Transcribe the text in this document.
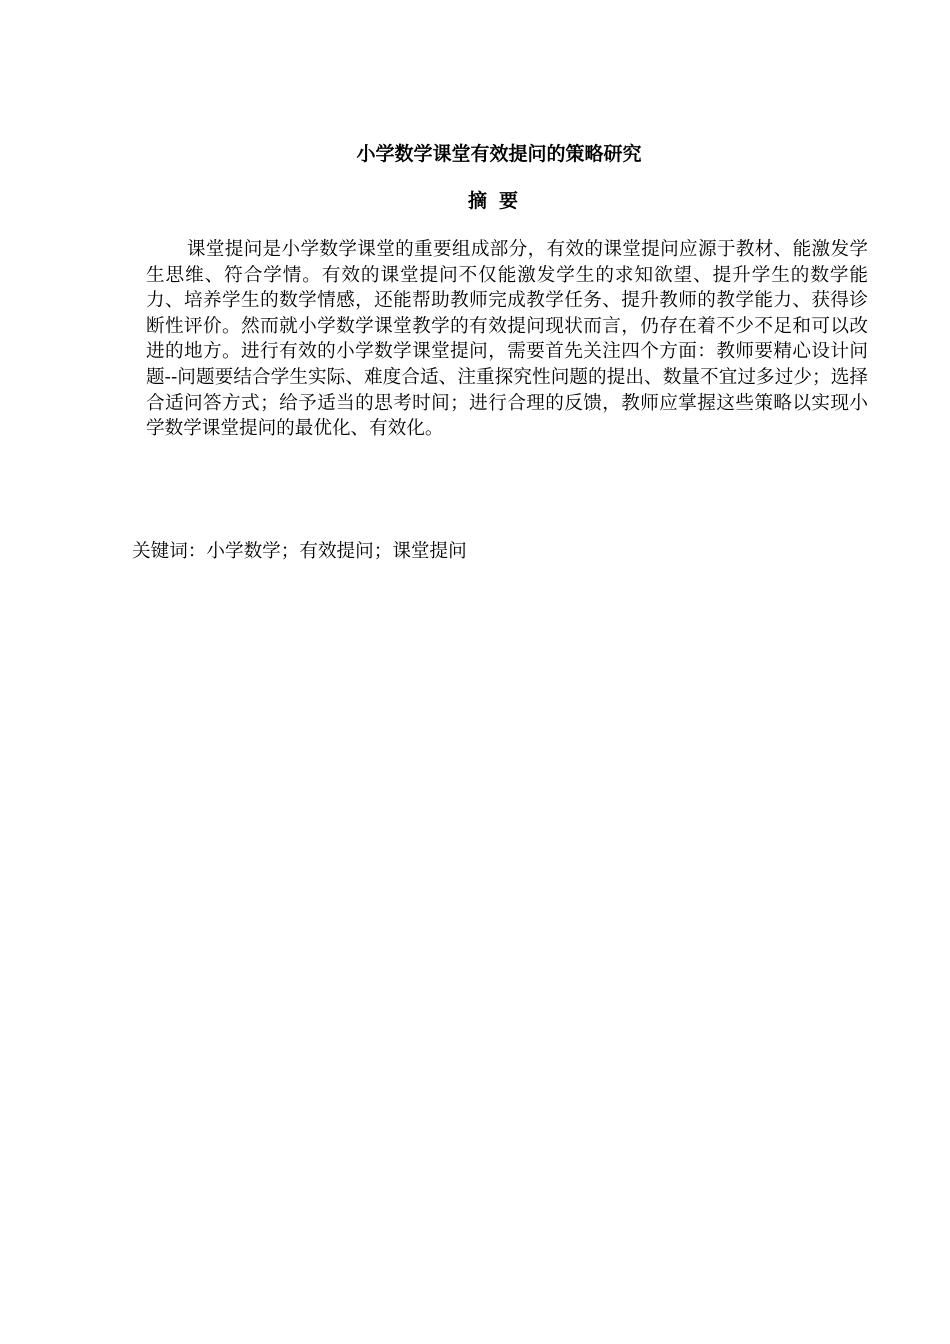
小学数学课堂有效提问的策略研究
摘要

课堂提问是小学数学课堂的重要组成部分，有效的课堂提问应源于教材、能激发学生思维、符合学情。有效的课堂提问不仅能激发学生的求知欲望、提升学生的数学能力、培养学生的数学情感，还能帮助教师完成教学任务、提升教师的教学能力、获得诊断性评价。然而就小学数学课堂教学的有效提问现状而言，仍存在着不少不足和可以改进的地方。进行有效的小学数学课堂提问，需要首先关注四个方面：教师要精心设计问题--问题要结合学生实际、难度合适、注重探究性问题的提出、数量不宜过多过少；选择合适问答方式；给予适当的思考时间；进行合理的反馈，教师应掌握这些策略以实现小学数学课堂提问的最优化、有效化。

关键词：小学数学；有效提问；课堂提问
